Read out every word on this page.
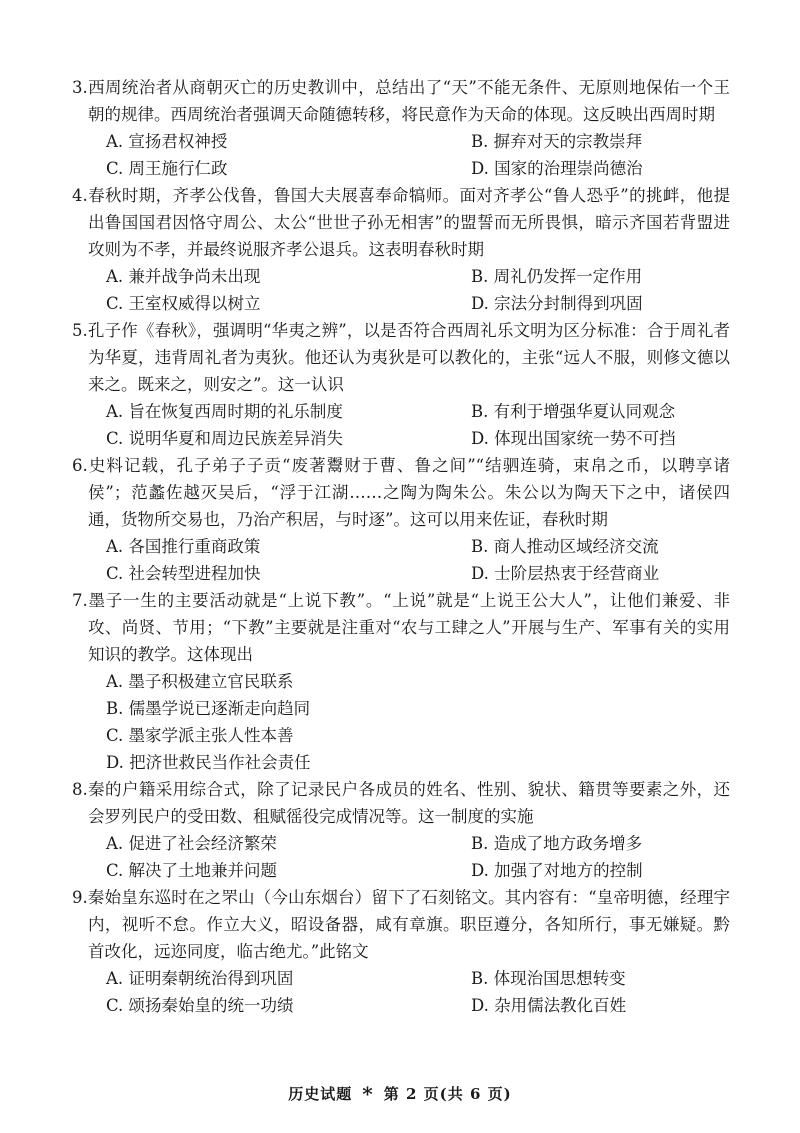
3.西周统治者从商朝灭亡的历史教训中，总结出了“天”不能无条件、无原则地保佑一个王朝的规律。西周统治者强调天命随德转移，将民意作为天命的体现。这反映出西周时期

A. 宣扬君权神授	B. 摒弃对天的宗教崇拜
C. 周王施行仁政	D. 国家的治理崇尚德治

4.春秋时期，齐孝公伐鲁，鲁国大夫展喜奉命犒师。面对齐孝公“鲁人恐乎”的挑衅，他提出鲁国国君因恪守周公、太公“世世子孙无相害”的盟誓而无所畏惧，暗示齐国若背盟进攻则为不孝，并最终说服齐孝公退兵。这表明春秋时期

A. 兼并战争尚未出现	B. 周礼仍发挥一定作用
C. 王室权威得以树立	D. 宗法分封制得到巩固

5.孔子作《春秋》，强调明“华夷之辨”，以是否符合西周礼乐文明为区分标准：合于周礼者为华夏，违背周礼者为夷狄。他还认为夷狄是可以教化的，主张“远人不服，则修文德以来之。既来之，则安之”。这一认识

A. 旨在恢复西周时期的礼乐制度	B. 有利于增强华夏认同观念
C. 说明华夏和周边民族差异消失	D. 体现出国家统一势不可挡

6.史料记载，孔子弟子子贡“废著鬻财于曹、鲁之间”“结驷连骑，束帛之币，以聘享诸侯”；范蠡佐越灭吴后，“浮于江湖……之陶为陶朱公。朱公以为陶天下之中，诸侯四通，货物所交易也，乃治产积居，与时逐”。这可以用来佐证，春秋时期

A. 各国推行重商政策	B. 商人推动区域经济交流
C. 社会转型进程加快	D. 士阶层热衷于经营商业

7.墨子一生的主要活动就是“上说下教”。“上说”就是“上说王公大人”，让他们兼爱、非攻、尚贤、节用；“下教”主要就是注重对“农与工肆之人”开展与生产、军事有关的实用知识的教学。这体现出

A. 墨子积极建立官民联系
B. 儒墨学说已逐渐走向趋同
C. 墨家学派主张人性本善
D. 把济世救民当作社会责任

8.秦的户籍采用综合式，除了记录民户各成员的姓名、性别、貌状、籍贯等要素之外，还会罗列民户的受田数、租赋徭役完成情况等。这一制度的实施

A. 促进了社会经济繁荣	B. 造成了地方政务增多
C. 解决了土地兼并问题	D. 加强了对地方的控制

9.秦始皇东巡时在之罘山（今山东烟台）留下了石刻铭文。其内容有：“皇帝明德，经理宇内，视听不怠。作立大义，昭设备器，咸有章旗。职臣遵分，各知所行，事无嫌疑。黔首改化，远迩同度，临古绝尤。”此铭文

A. 证明秦朝统治得到巩固	B. 体现治国思想转变
C. 颂扬秦始皇的统一功绩	D. 杂用儒法教化百姓
历史试题 * 第 2 页(共 6 页)
